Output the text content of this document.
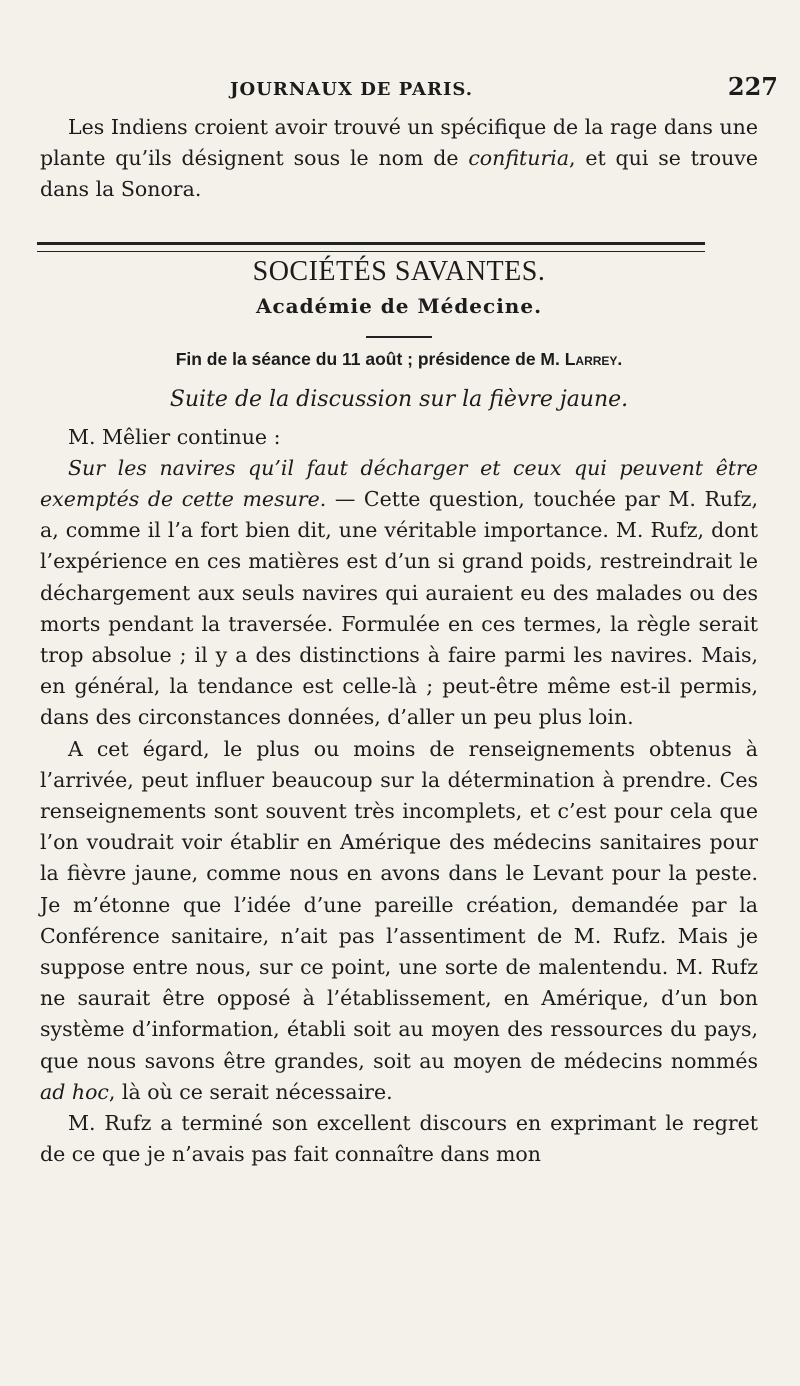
JOURNAUX DE PARIS.	227

Les Indiens croient avoir trouvé un spécifique de la rage dans une plante qu’ils désignent sous le nom de confituria, et qui se trouve dans la Sonora.

SOCIÉTÉS SAVANTES.
Académie de Médecine.
Fin de la séance du 11 août ; présidence de M. Larrey.
Suite de la discussion sur la fièvre jaune.

M. Mêlier continue :

Sur les navires qu’il faut décharger et ceux qui peuvent être exemptés de cette mesure. — Cette question, touchée par M. Rufz, a, comme il l’a fort bien dit, une véritable importance. M. Rufz, dont l’expérience en ces matières est d’un si grand poids, restreindrait le déchargement aux seuls navires qui auraient eu des malades ou des morts pendant la traversée. Formulée en ces termes, la règle serait trop absolue ; il y a des distinctions à faire parmi les navires. Mais, en général, la tendance est celle-là ; peut-être même est-il permis, dans des circonstances données, d’aller un peu plus loin.

A cet égard, le plus ou moins de renseignements obtenus à l’arrivée, peut influer beaucoup sur la détermination à prendre. Ces renseignements sont souvent très incomplets, et c’est pour cela que l’on voudrait voir établir en Amérique des médecins sanitaires pour la fièvre jaune, comme nous en avons dans le Levant pour la peste. Je m’étonne que l’idée d’une pareille création, demandée par la Conférence sanitaire, n’ait pas l’assentiment de M. Rufz. Mais je suppose entre nous, sur ce point, une sorte de malentendu. M. Rufz ne saurait être opposé à l’établissement, en Amérique, d’un bon système d’information, établi soit au moyen des ressources du pays, que nous savons être grandes, soit au moyen de médecins nommés ad hoc, là où ce serait nécessaire.

M. Rufz a terminé son excellent discours en exprimant le regret de ce que je n’avais pas fait connaître dans mon
